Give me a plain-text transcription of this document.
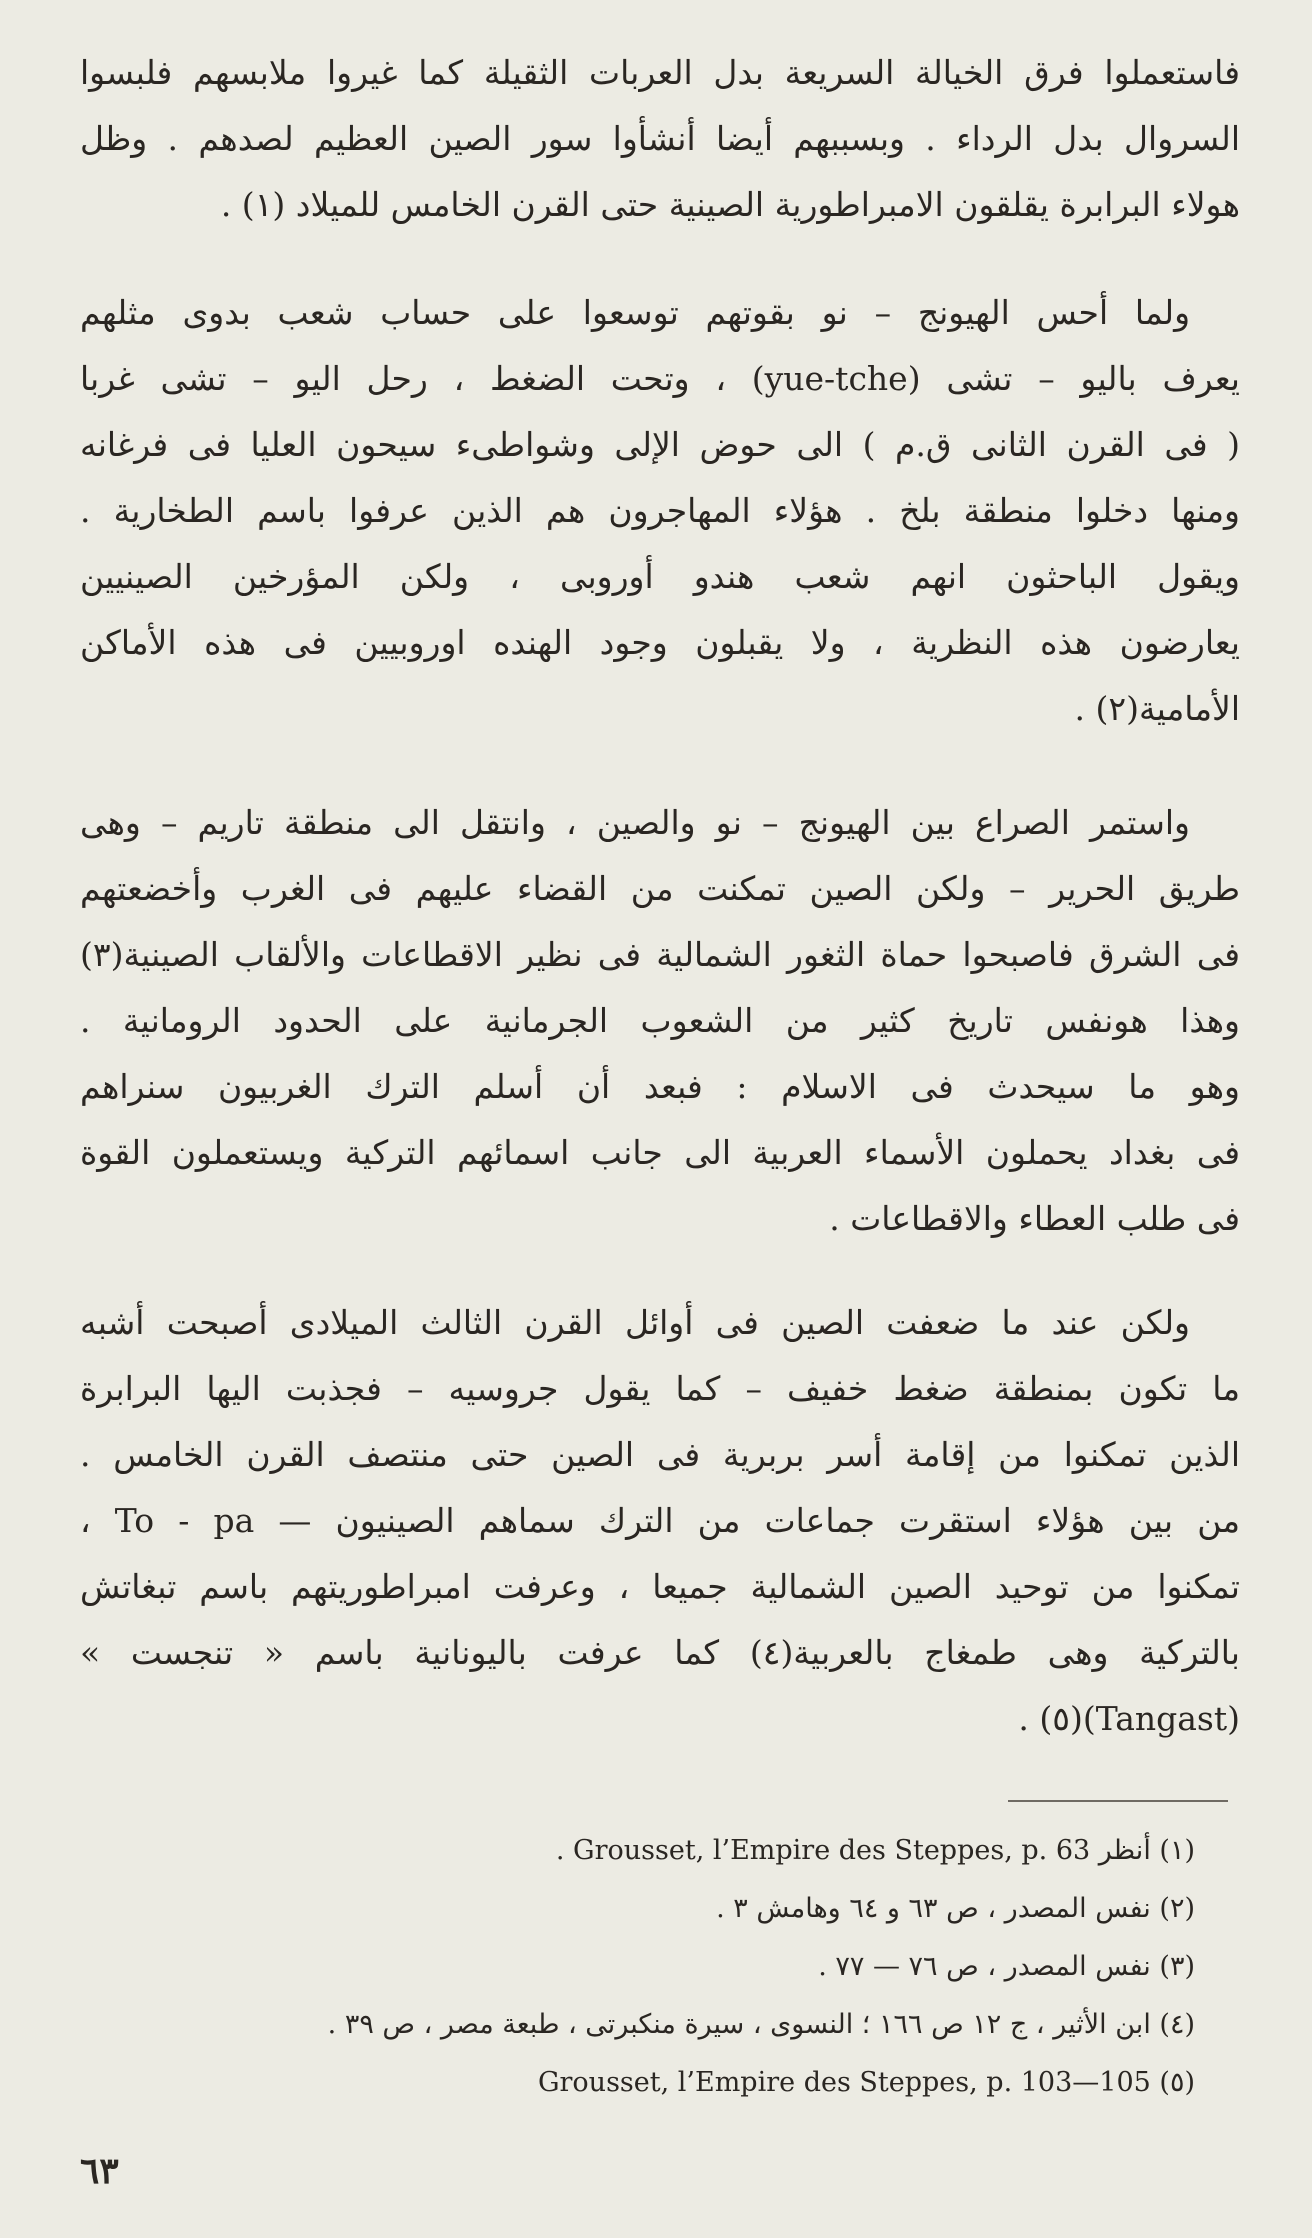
فاستعملوا فرق الخيالة السريعة بدل العربات الثقيلة كما غيروا ملابسهم فلبسوا
السروال بدل الرداء . وبسببهم أيضا أنشأوا سور الصين العظيم لصدهم . وظل
هولاء البرابرة يقلقون الامبراطورية الصينية حتى القرن الخامس للميلاد (١) .
ولما أحس الهيونج – نو بقوتهم توسعوا على حساب شعب بدوى مثلهم
يعرف باليو – تشى (yue-tche) ، وتحت الضغط ، رحل اليو – تشى غربا
( فى القرن الثانى ق.م ) الى حوض الإلى وشواطىء سيحون العليا فى فرغانه
ومنها دخلوا منطقة بلخ . هؤلاء المهاجرون هم الذين عرفوا باسم الطخارية .
ويقول الباحثون انهم شعب هندو أوروبى ، ولكن المؤرخين الصينيين
يعارضون هذه النظرية ، ولا يقبلون وجود الهنده اوروبيين فى هذه الأماكن
الأمامية(٢) .
واستمر الصراع بين الهيونج – نو والصين ، وانتقل الى منطقة تاريم – وهى
طريق الحرير – ولكن الصين تمكنت من القضاء عليهم فى الغرب وأخضعتهم
فى الشرق فاصبحوا حماة الثغور الشمالية فى نظير الاقطاعات والألقاب الصينية(٣)
وهذا هونفس تاريخ كثير من الشعوب الجرمانية على الحدود الرومانية .
وهو ما سيحدث فى الاسلام : فبعد أن أسلم الترك الغربيون سنراهم
فى بغداد يحملون الأسماء العربية الى جانب اسمائهم التركية ويستعملون القوة
فى طلب العطاء والاقطاعات .
ولكن عند ما ضعفت الصين فى أوائل القرن الثالث الميلادى أصبحت أشبه
ما تكون بمنطقة ضغط خفيف – كما يقول جروسيه – فجذبت اليها البرابرة
الذين تمكنوا من إقامة أسر بربرية فى الصين حتى منتصف القرن الخامس .
من بين هؤلاء استقرت جماعات من الترك سماهم الصينيون — To - pa ،
تمكنوا من توحيد الصين الشمالية جميعا ، وعرفت امبراطوريتهم باسم تبغاتش
بالتركية وهى طمغاج بالعربية(٤) كما عرفت باليونانية باسم « تنجست »
(Tangast)(٥) .
(١) أنظر Grousset, l’Empire des Steppes, p. 63 .
(٢) نفس المصدر ، ص ٦٣ و ٦٤ وهامش ٣ .
(٣) نفس المصدر ، ص ٧٦ — ٧٧ .
(٤) ابن الأثير ، ج ١٢ ص ١٦٦ ؛ النسوى ، سيرة منكبرتى ، طبعة مصر ، ص ٣٩ .
(٥) Grousset, l’Empire des Steppes, p. 103—105
٦٣
